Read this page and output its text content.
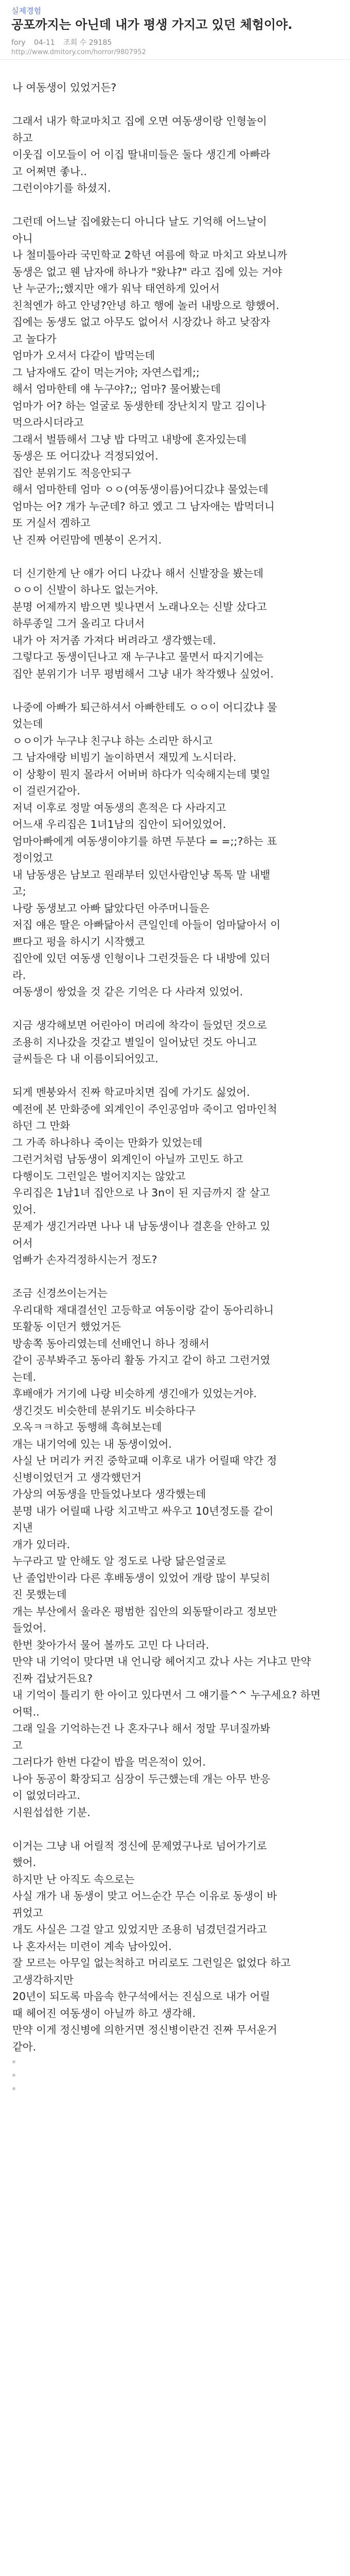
실제경험
공포까지는 아닌데 내가 평생 가지고 있던 체험이야.
fory 04-11 조회 수 29185
http://www.dmitory.com/horror/9807952
나 여동생이 있었거든?
그래서 내가 학교마치고 집에 오면 여동생이랑 인형놀이
하고
이웃집 이모들이 어 이집 딸내미들은 둘다 생긴게 아빠라
고 어쩌면 좋나..
그런이야기를 하셨지.
그런데 어느날 집에왔는디 아니다 날도 기억해 어느날이
아니
나 철미틀아라 국민학교 2학년 여름에 학교 마치고 와보니까
동생은 없고 웬 남자애 하나가 "왔냐?" 라고 집에 있는 거야
난 누군가;;했지만 애가 워낙 태연하게 있어서
친척엔가 하고 안녕?안녕 하고 행에 놀러 내방으로 향했어.
집에는 동생도 없고 아무도 없어서 시장갔나 하고 낮잠자
고 놀다가
엄마가 오셔서 다같이 밥먹는데
그 남자애도 같이 먹는거야; 자연스럽게;;
해서 엄마한테 얘 누구야?;; 엄마? 물어봤는데
엄마가 어? 하는 얼굴로 동생한테 장난치지 말고 김이나
먹으라시더라고
그래서 벌뜸해서 그냥 밥 다먹고 내방에 혼자있는데
동생은 또 어디갔나 걱정되었어.
집안 분위기도 적응안되구
해서 엄마한테 엄마 ㅇㅇ(여동생이름)어디갔냐 물었는데
엄마는 어? 개가 누군데? 하고 엤고 그 남자애는 밥먹더니
또 거실서 겜하고
난 진짜 어린맘에 멘붕이 온거지.
더 신기한게 난 얘가 어디 나갔나 해서 신발장을 봤는데
ㅇㅇ이 신발이 하나도 없는거야.
분명 어제까지 밤으면 빛나면서 노래나오는 신발 샀다고
하루종일 그거 올리고 다녀서
내가 아 저거좀 가져다 버려라고 생각했는데.
그렇다고 동생이딘나고 재 누구냐고 물면서 따지기에는
집안 분위기가 너무 평범해서 그냥 내가 착각했나 싶었어.
나중에 아빠가 퇴근하셔서 아빠한테도 ㅇㅇ이 어디갔냐 물
었는데
ㅇㅇ이가 누구냐 친구냐 하는 소리만 하시고
그 남자애랑 비빔기 놀이하면서 재밌게 노시더라.
이 상황이 뭔지 몰라서 어버버 하다가 익숙해지는데 몇일
이 걸린거같아.
저녁 이후로 정말 여동생의 흔적은 다 사라지고
어느새 우리집은 1녀1남의 집안이 되어있었어.
엄마아빠에게 여동생이야기를 하면 두분다 = =;;?하는 표
정이었고
내 남동생은 남보고 원래부터 있던사람인냥 톡톡 말 내뱉
고;
나랑 동생보고 아빠 닮았다던 아주머니들은
저집 얘은 딸은 아빠닮아서 큰일인데 아들이 엄마닮아서 이
쁘다고 펑을 하시기 시작했고
집안에 있던 여동생 인형이나 그런것들은 다 내방에 있더
라.
여동생이 쌍었을 것 같은 기억은 다 사라져 있었어.
지금 생각해보면 어린아이 머리에 착각이 들었던 것으로
조용히 지나갔을 것같고 별일이 일어났던 것도 아니고
글씨들은 다 내 이름이되어있고.
되게 멘붕와서 진짜 학교마치면 집에 가기도 싫었어.
예전에 본 만화중에 외계인이 주인공엄마 죽이고 엄마인척
하던 그 만화
그 가족 하나하나 죽이는 만화가 있었는데
그런거처럼 남동생이 외계인이 아닐까 고민도 하고
다행이도 그런일은 벌어지지는 않았고
우리집은 1남1녀 집안으로 나 3n이 된 지금까지 잘 살고
있어.
문제가 생긴거라면 나나 내 남동생이나 결혼을 안하고 있
어서
엄빠가 손자걱정하시는거 정도?
조금 신경쓰이는거는
우리대학 재대결선인 고등학교 여동이랑 같이 동아리하니
또활동 이던거 했었거든
방송쪽 동아리였는데 선배언니 하나 정해서
같이 공부봐주고 동아리 활동 가지고 같이 하고 그런거였
는데.
후배애가 거기에 나랑 비슷하게 생긴애가 있었는거야.
생긴것도 비슷한데 분위기도 비슷하다구
오옥ㅋㅋ하고 동행해 흑혀보는데
개는 내기억에 있는 내 동생이었어.
사실 난 머리가 커진 중학교때 이후로 내가 어릴때 약간 정
신병이었던거 고 생각했던거
가상의 여동생을 만들었나보다 생각했는데
분명 내가 어릴때 나랑 치고박고 싸우고 10년정도를 같이
지낸
개가 있더라.
누구라고 말 안해도 알 정도로 나랑 닮은얼굴로
난 졸업반이라 다른 후배동생이 있었어 개랑 많이 부딪히
진 못했는데
개는 부산에서 울라온 평범한 집안의 외동딸이라고 정보만
들었어.
한번 찾아가서 물어 볼까도 고민 다 나더라.
만약 내 기억이 맞다면 내 언니랑 헤어지고 갔나 사는 거냐고 만약
진짜 겁났거든요?
내 기억이 틀리기 한 아이고 있다면서 그 얘기를^^ 누구세요? 하면
어떡..
그래 일을 기억하는건 나 혼자구나 해서 정말 무녀질까봐
고
그러다가 한번 다같이 밥을 먹은적이 있어.
나아 동공이 확장되고 심장이 두근했는데 개는 아무 반응
이 없었더라고.
시원섭섭한 기분.
이거는 그냥 내 어릴적 정신에 문제였구나로 넘어가기로
했어.
하지만 난 아직도 속으로는
사실 개가 내 동생이 맞고 어느순간 무슨 이유로 동생이 바
뀌었고
개도 사실은 그걸 알고 있었지만 조용히 넘겼던걸거라고
나 혼자서는 미련이 계속 남아있어.
잘 모르는 아무일 없는척하고 머리로도 그런일은 없었다 하고
고생각하지만
20년이 되도록 마음속 한구석에서는 진심으로 내가 어릴
때 헤어진 여동생이 아닐까 하고 생각해.
만약 이게 정신병에 의한거면 정신병이란건 진짜 무서운거
같아.
